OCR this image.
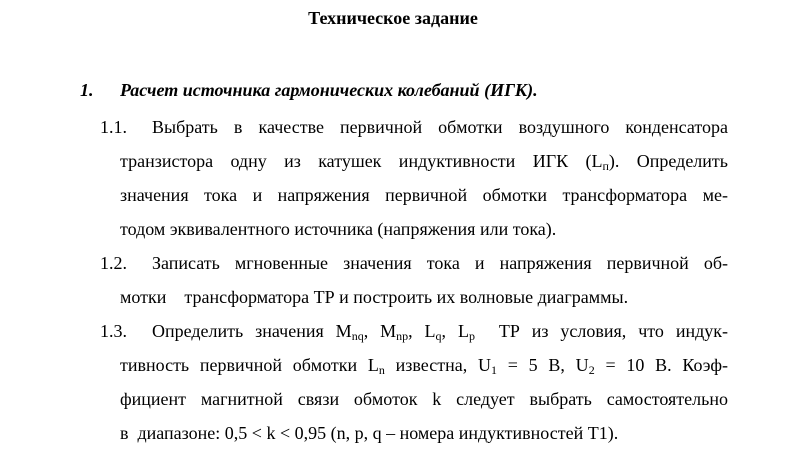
Техническое задание
1. Расчет источника гармонических колебаний (ИГК).
1.1. Выбрать в качестве первичной обмотки воздушного конденсатора
транзистора одну из катушек индуктивности ИГК $(L_п)$. Определить
значения тока и напряжения первичной обмотки трансформатора ме-
тодом эквивалентного источника (напряжения или тока).
1.2. Записать мгновенные значения тока и напряжения первичной об-
мотки    трансформатора ТР и построить их волновые диаграммы.
1.3. Определить значения $М_{nq}$, $М_{np}$, $L_q$, $L_p$  ТР из условия, что индук-
тивность первичной обмотки $L_n$ известна, $U_1 = 5$ В, $U_2 = 10$ В. Коэф-
фициент магнитной связи обмоток k следует выбрать самостоятельно
в  диапазоне: 0,5 < k < 0,95 (n, p, q – номера индуктивностей Т1).
